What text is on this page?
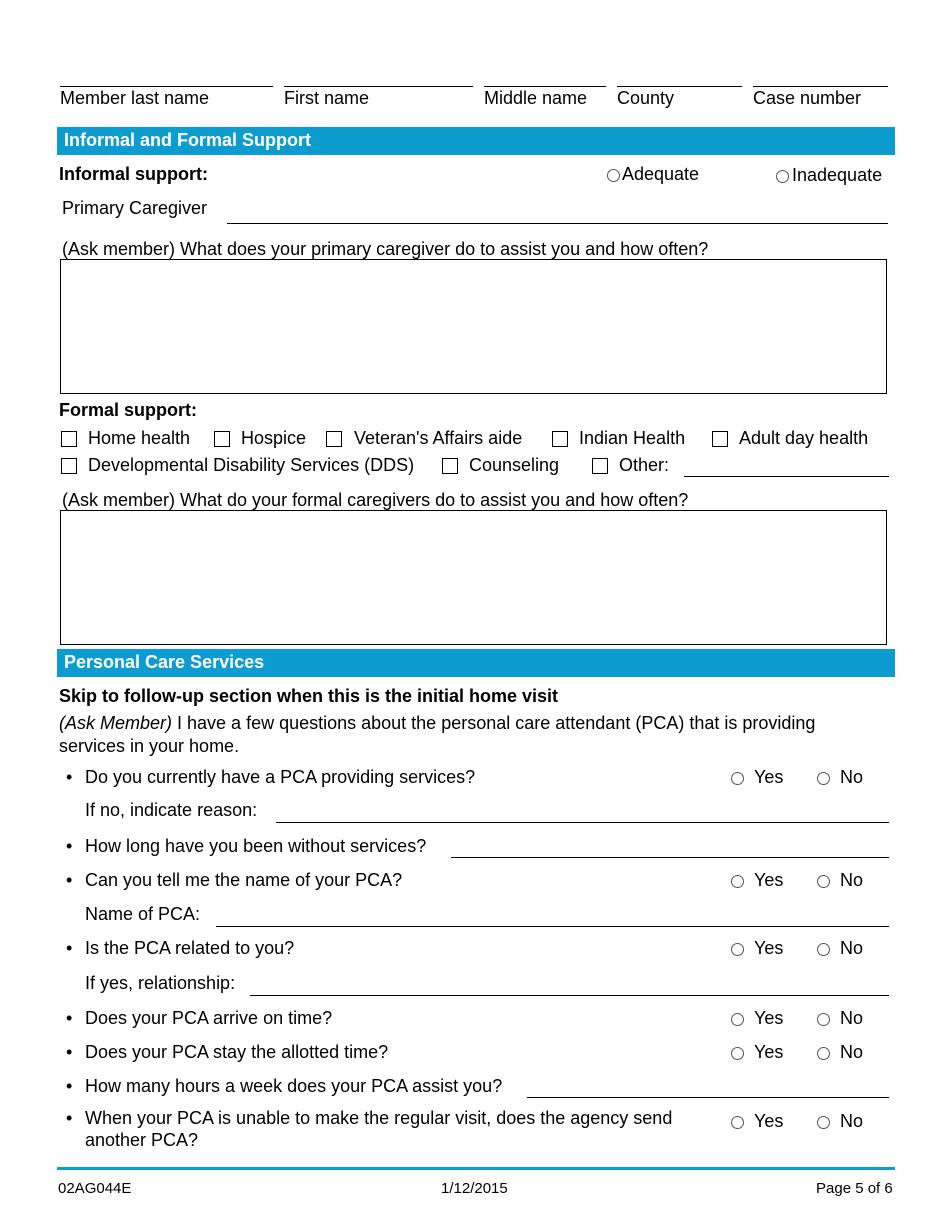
Member last name	First name	Middle name County	Case number
Informal and Formal Support
Informal support:	Adequate	Inadequate
Primary Caregiver
(Ask member) What does your primary caregiver do to assist you and how often?
Formal support:
Home health	Hospice	Veteran's Affairs aide	Indian Health	Adult day health
Developmental Disability Services (DDS)	Counseling	Other:
(Ask member) What do your formal caregivers do to assist you and how often?
Personal Care Services
Skip to follow-up section when this is the initial home visit
(Ask Member) I have a few questions about the personal care attendant (PCA) that is providing
services in your home.
• Do you currently have a PCA providing services?	Yes	No
If no, indicate reason:
• How long have you been without services?
• Can you tell me the name of your PCA?	Yes	No
Name of PCA:
• Is the PCA related to you?	Yes	No
If yes, relationship:
• Does your PCA arrive on time?	Yes	No
• Does your PCA stay the allotted time?	Yes	No
• How many hours a week does your PCA assist you?
• When your PCA is unable to make the regular visit, does the agency send
another PCA?
Yes	No
02AG044E	1/12/2015	Page 5 of 6
